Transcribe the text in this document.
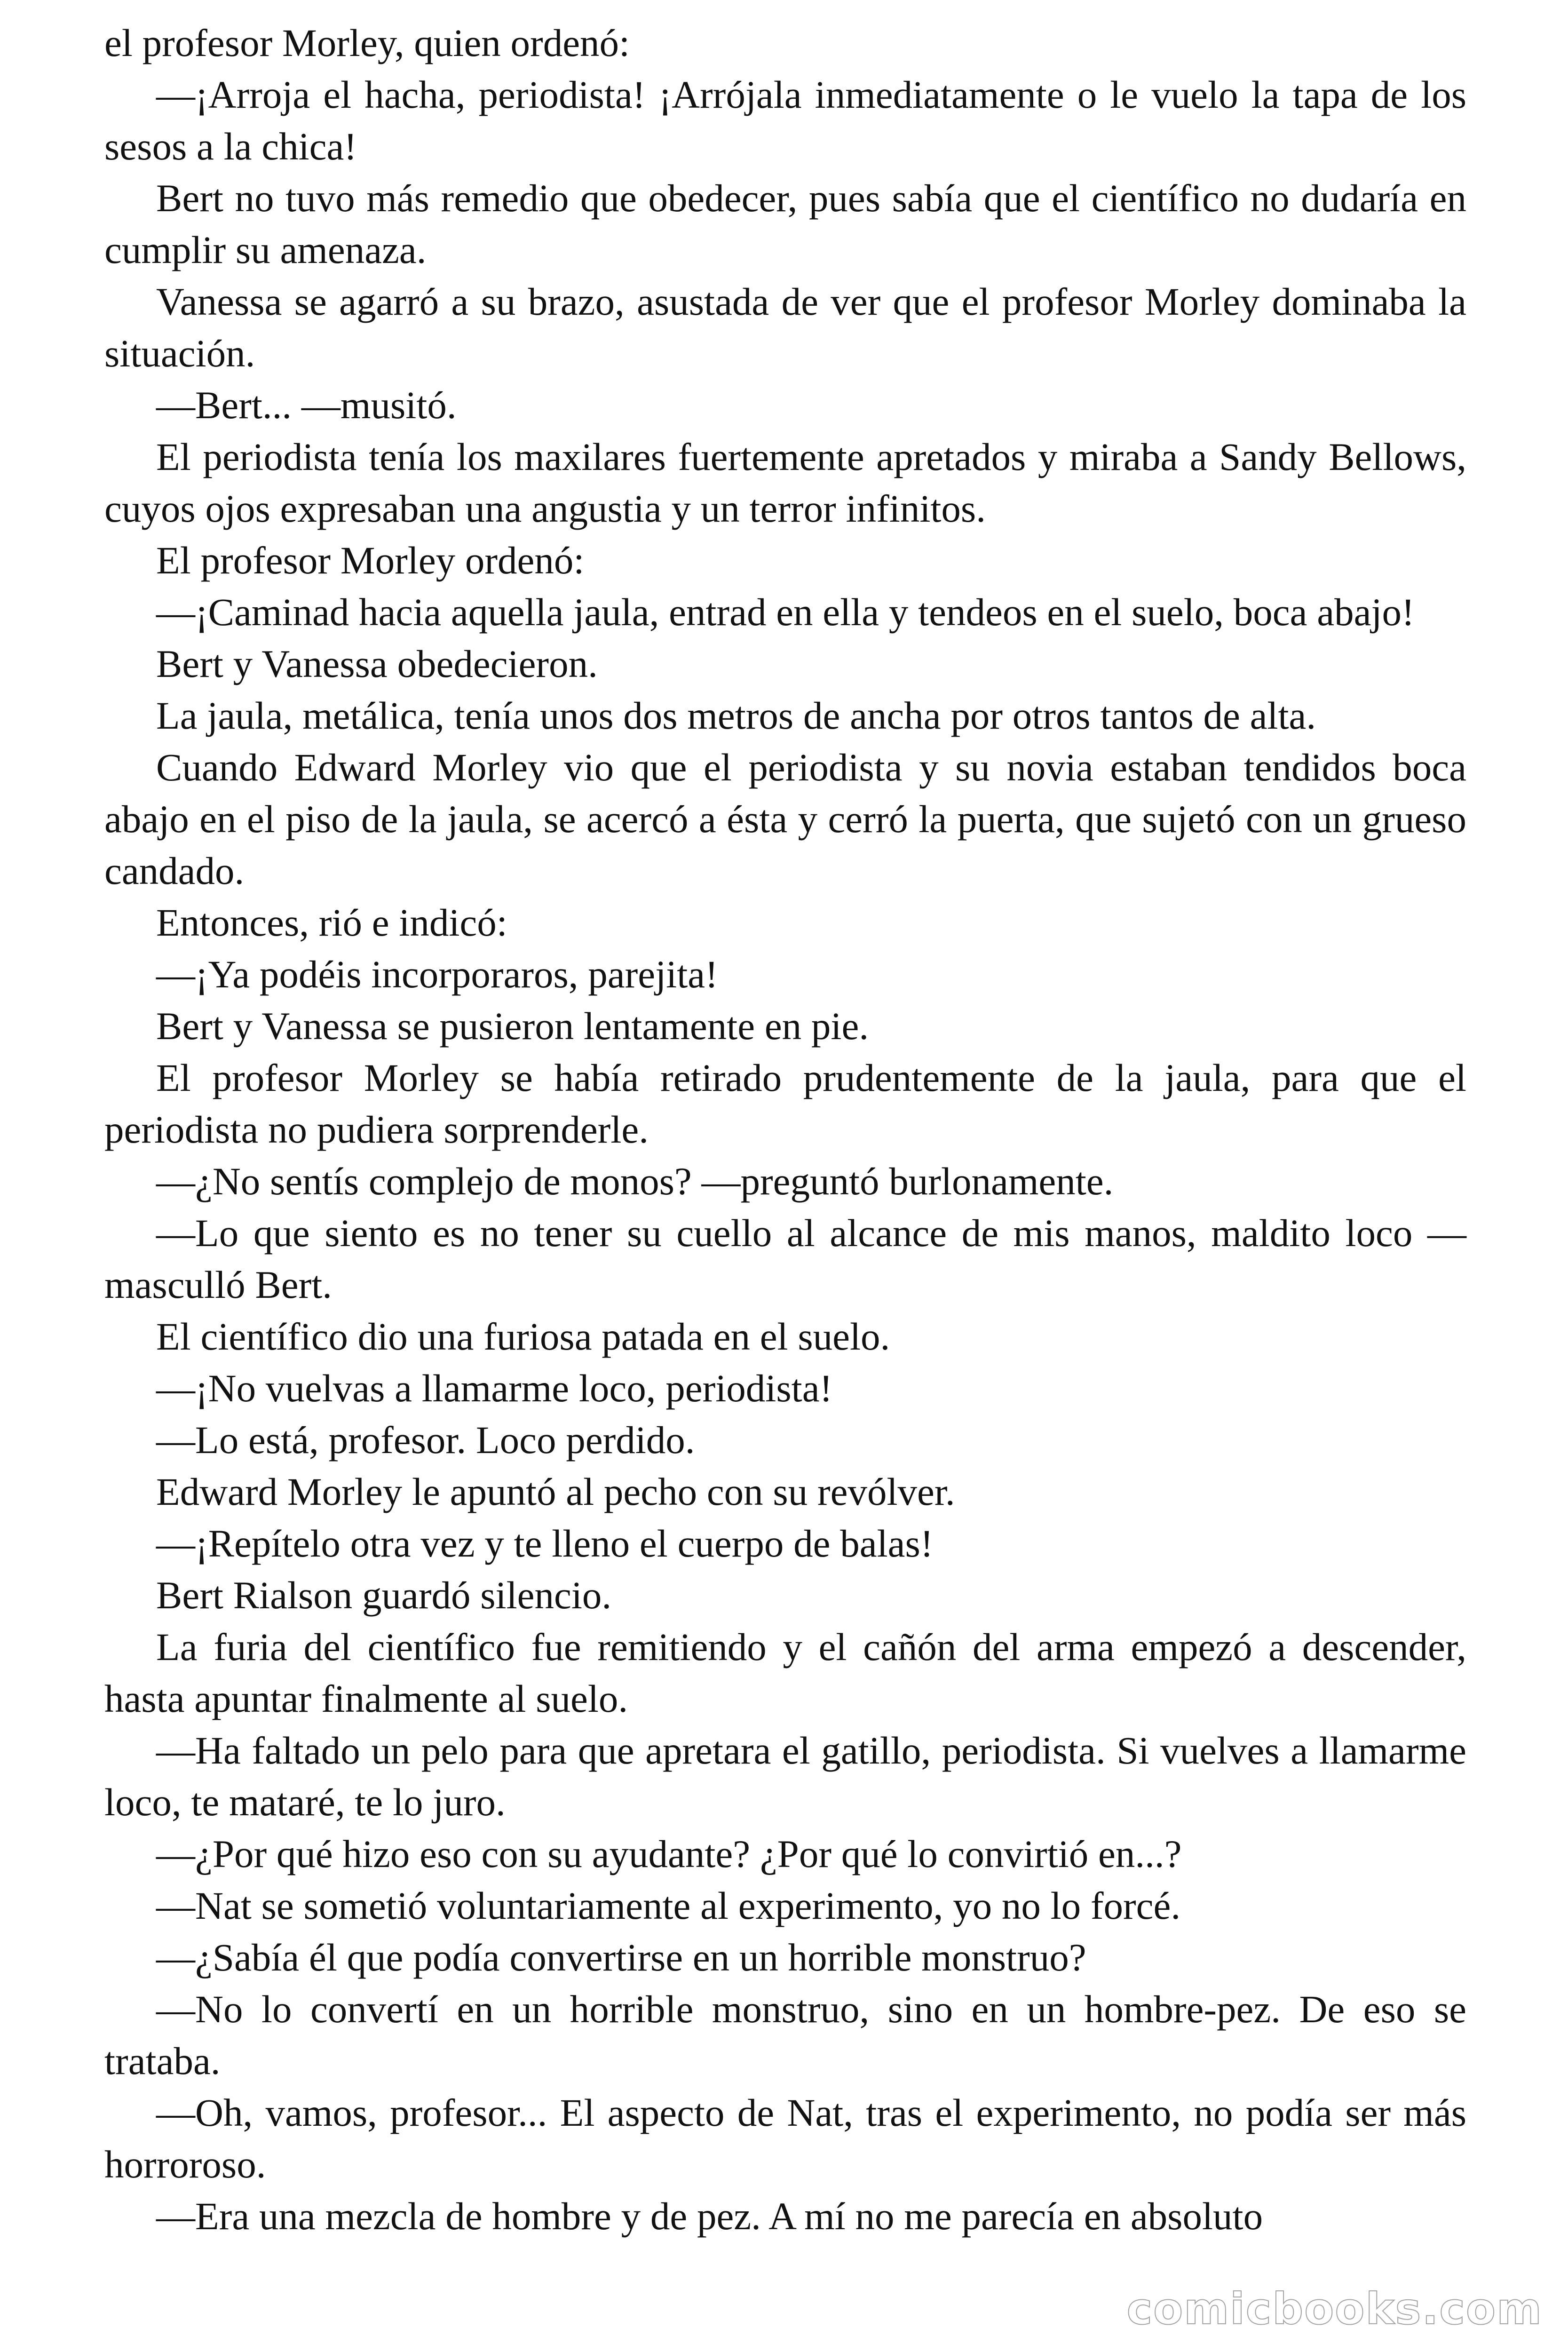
el profesor Morley, quien ordenó:

—¡Arroja el hacha, periodista! ¡Arrójala inmediatamente o le vuelo la tapa de los sesos a la chica!

Bert no tuvo más remedio que obedecer, pues sabía que el científico no dudaría en cumplir su amenaza.

Vanessa se agarró a su brazo, asustada de ver que el profesor Morley dominaba la situación.

—Bert... —musitó.

El periodista tenía los maxilares fuertemente apretados y miraba a Sandy Bellows, cuyos ojos expresaban una angustia y un terror infinitos.

El profesor Morley ordenó:

—¡Caminad hacia aquella jaula, entrad en ella y tendeos en el suelo, boca abajo!

Bert y Vanessa obedecieron.

La jaula, metálica, tenía unos dos metros de ancha por otros tantos de alta.

Cuando Edward Morley vio que el periodista y su novia estaban tendidos boca abajo en el piso de la jaula, se acercó a ésta y cerró la puerta, que sujetó con un grueso candado.

Entonces, rió e indicó:

—¡Ya podéis incorporaros, parejita!

Bert y Vanessa se pusieron lentamente en pie.

El profesor Morley se había retirado prudentemente de la jaula, para que el periodista no pudiera sorprenderle.

—¿No sentís complejo de monos? —preguntó burlonamente.

—Lo que siento es no tener su cuello al alcance de mis manos, maldito loco —masculló Bert.

El científico dio una furiosa patada en el suelo.

—¡No vuelvas a llamarme loco, periodista!

—Lo está, profesor. Loco perdido.

Edward Morley le apuntó al pecho con su revólver.

—¡Repítelo otra vez y te lleno el cuerpo de balas!

Bert Rialson guardó silencio.

La furia del científico fue remitiendo y el cañón del arma empezó a descender, hasta apuntar finalmente al suelo.

—Ha faltado un pelo para que apretara el gatillo, periodista. Si vuelves a llamarme loco, te mataré, te lo juro.

—¿Por qué hizo eso con su ayudante? ¿Por qué lo convirtió en...?

—Nat se sometió voluntariamente al experimento, yo no lo forcé.

—¿Sabía él que podía convertirse en un horrible monstruo?

—No lo convertí en un horrible monstruo, sino en un hombre-pez. De eso se trataba.

—Oh, vamos, profesor... El aspecto de Nat, tras el experimento, no podía ser más horroroso.

—Era una mezcla de hombre y de pez. A mí no me parecía en absoluto

comicbooks.com
